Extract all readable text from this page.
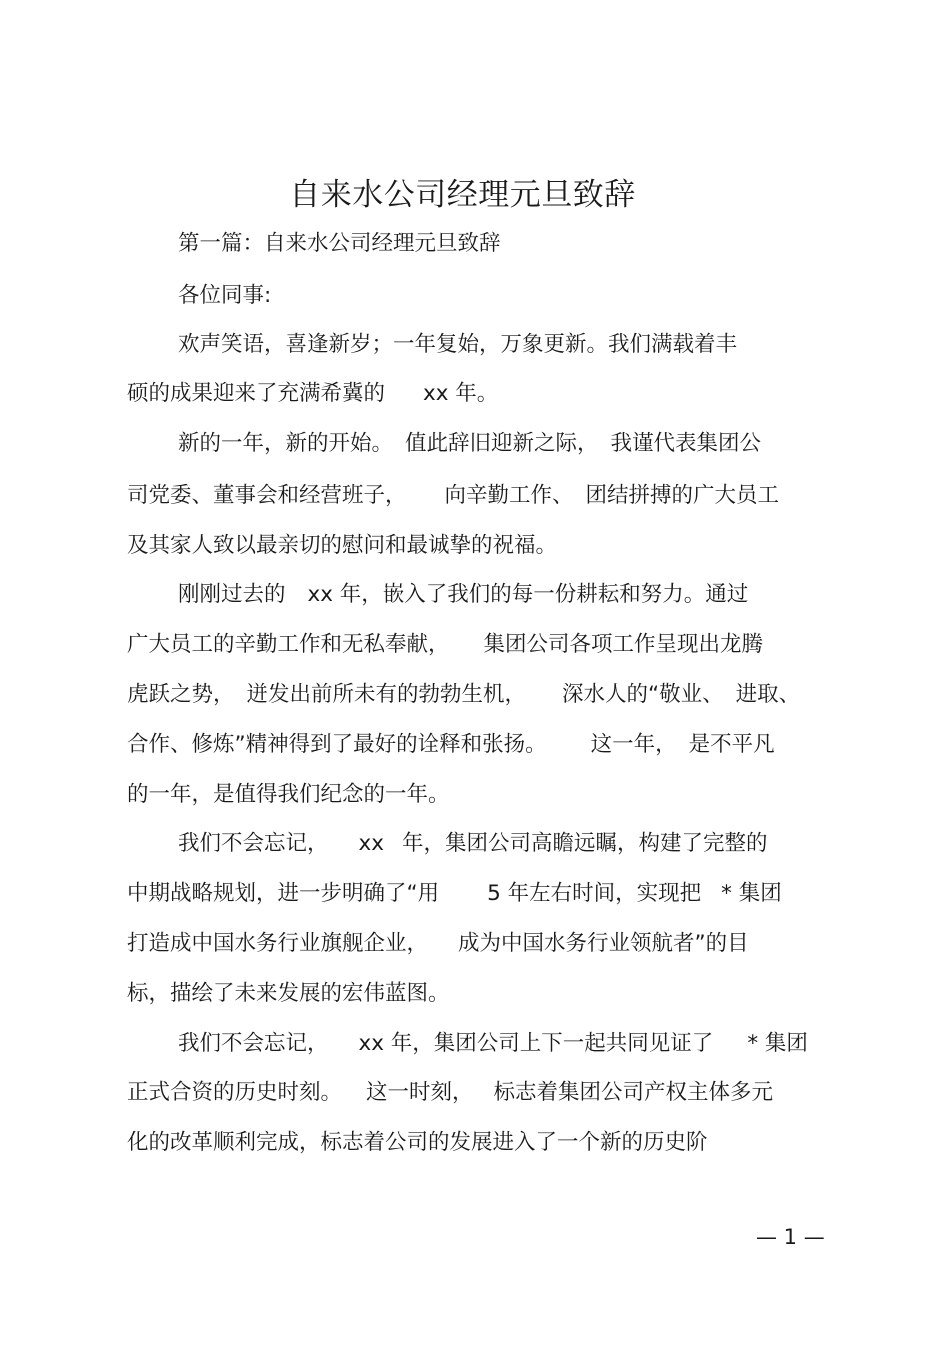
自来水公司经理元旦致辞

第一篇：自来水公司经理元旦致辞

各位同事:

欢声笑语，喜逢新岁；一年复始，万象更新。我们满载着丰

硕的成果迎来了充满希冀的 xx 年。

新的一年，新的开始。 值此辞旧迎新之际， 我谨代表集团公

司党委、董事会和经营班子， 向辛勤工作、 团结拼搏的广大员工

及其家人致以最亲切的慰问和最诚挚的祝福。

刚刚过去的 xx 年，嵌入了我们的每一份耕耘和努力。通过

广大员工的辛勤工作和无私奉献， 集团公司各项工作呈现出龙腾

虎跃之势， 迸发出前所未有的勃勃生机， 深水人的“敬业、 进取、

合作、修炼”精神得到了最好的诠释和张扬。 这一年， 是不平凡

的一年，是值得我们纪念的一年。

我们不会忘记， xx 年，集团公司高瞻远瞩，构建了完整的

中期战略规划，进一步明确了“用 5 年左右时间，实现把 * 集团

打造成中国水务行业旗舰企业， 成为中国水务行业领航者”的目

标，描绘了未来发展的宏伟蓝图。

我们不会忘记， xx 年，集团公司上下一起共同见证了 * 集团

正式合资的历史时刻。 这一时刻， 标志着集团公司产权主体多元

化的改革顺利完成，标志着公司的发展进入了一个新的历史阶

— 1 —
